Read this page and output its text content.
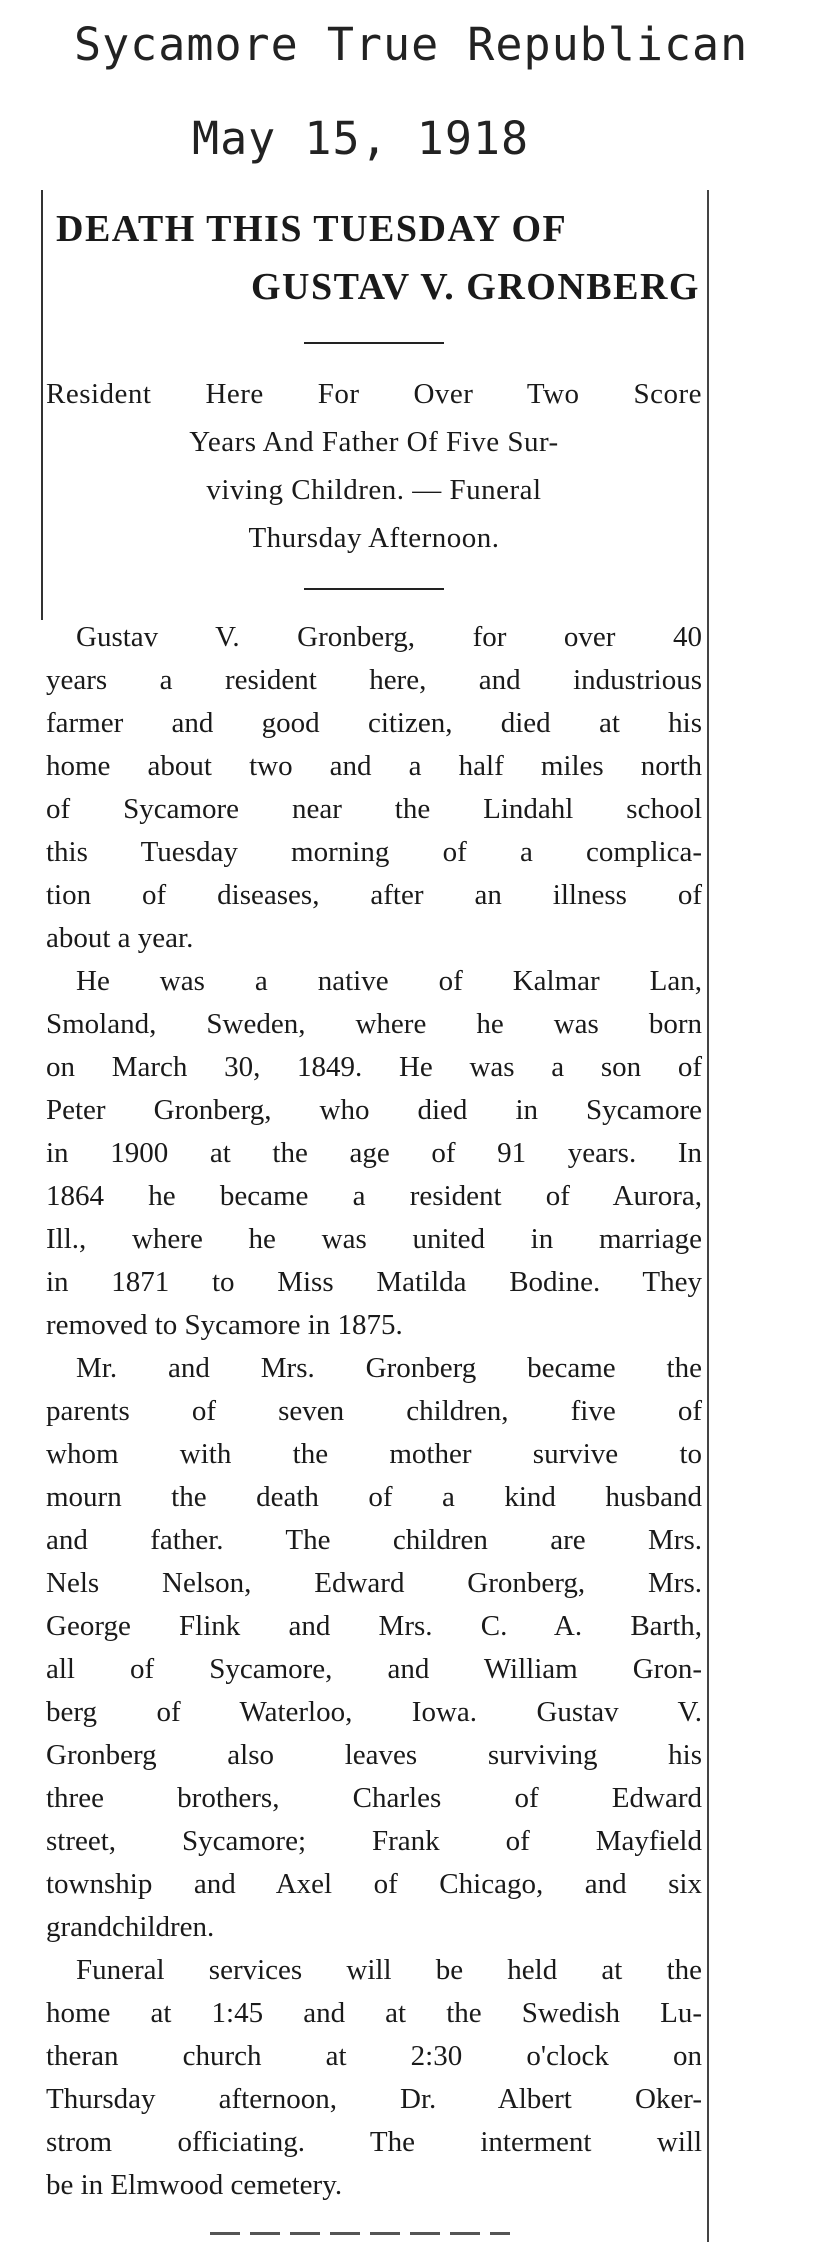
Sycamore True Republican
May 15, 1918
DEATH THIS TUESDAY OF
GUSTAV V. GRONBERG

Resident Here For Over Two Score
Years And Father Of Five Sur-
viving Children. — Funeral
Thursday Afternoon.

Gustav V. Gronberg, for over 40
years a resident here, and industrious
farmer and good citizen, died at his
home about two and a half miles north
of Sycamore near the Lindahl school
this Tuesday morning of a complica-
tion of diseases, after an illness of
about a year.

He was a native of Kalmar Lan,
Smoland, Sweden, where he was born
on March 30, 1849. He was a son of
Peter Gronberg, who died in Sycamore
in 1900 at the age of 91 years. In
1864 he became a resident of Aurora,
Ill., where he was united in marriage
in 1871 to Miss Matilda Bodine. They
removed to Sycamore in 1875.

Mr. and Mrs. Gronberg became the
parents of seven children, five of
whom with the mother survive to
mourn the death of a kind husband
and father. The children are Mrs.
Nels Nelson, Edward Gronberg, Mrs.
George Flink and Mrs. C. A. Barth,
all of Sycamore, and William Gron-
berg of Waterloo, Iowa. Gustav V.
Gronberg also leaves surviving his
three brothers, Charles of Edward
street, Sycamore; Frank of Mayfield
township and Axel of Chicago, and six
grandchildren.

Funeral services will be held at the
home at 1:45 and at the Swedish Lu-
theran church at 2:30 o'clock on
Thursday afternoon, Dr. Albert Oker-
strom officiating. The interment will
be in Elmwood cemetery.
